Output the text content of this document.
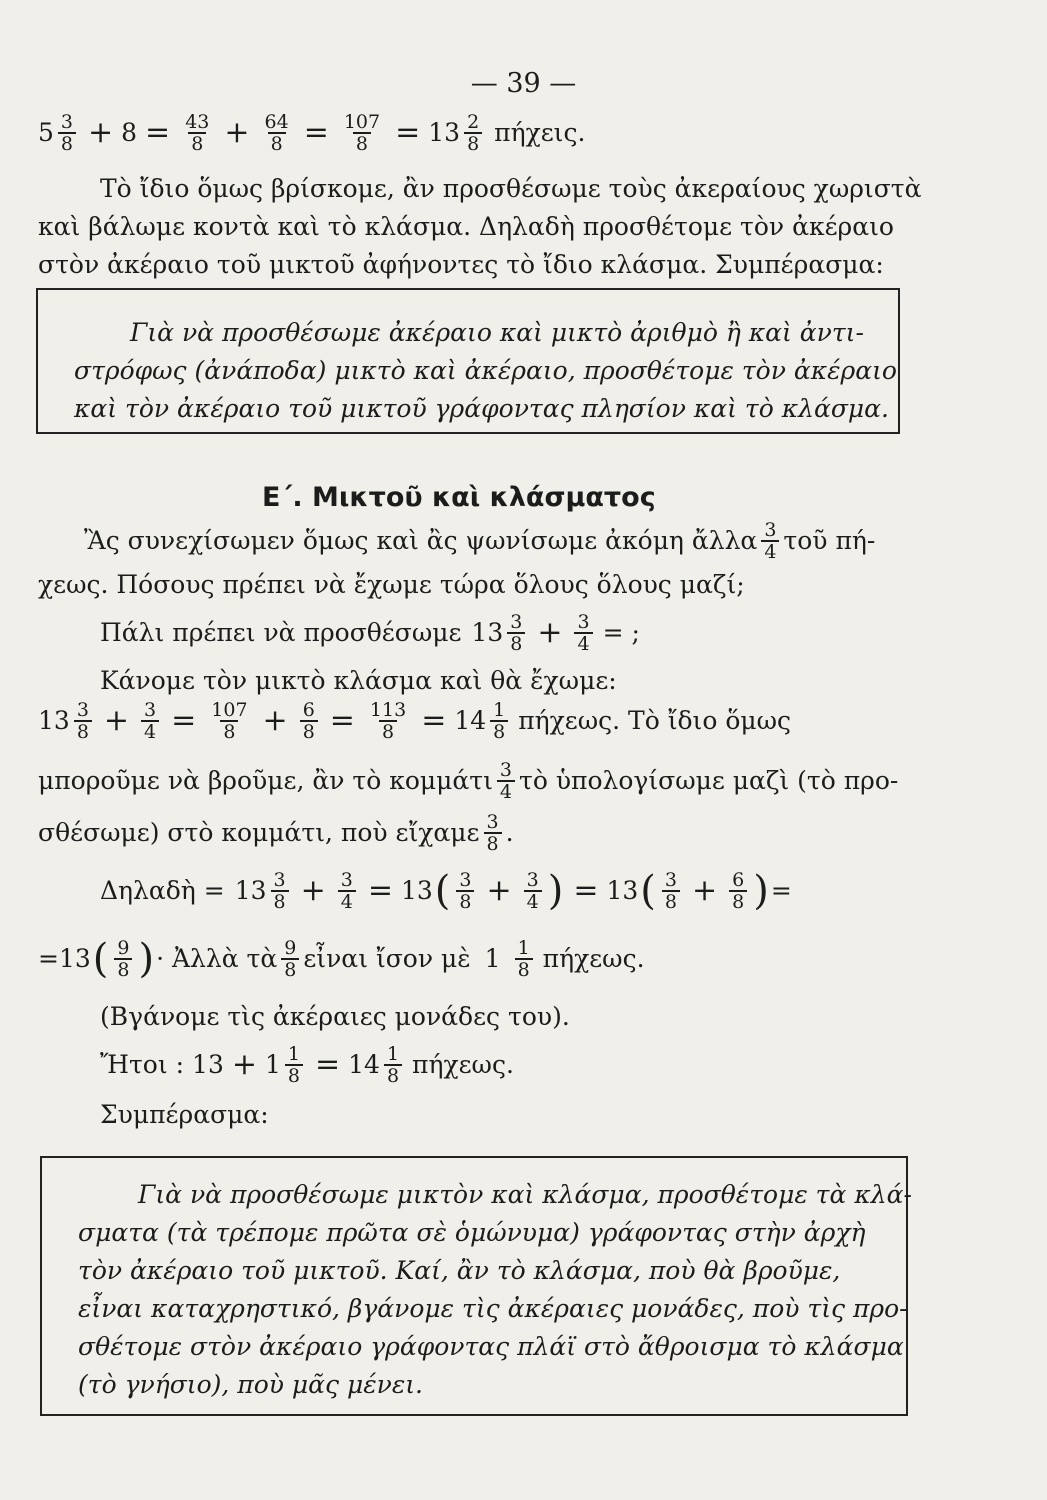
— 39 —
5 3
$8 + 8 = \frac{43}{8} + \frac{64}{8} = \frac{107}{8} = 13$ 2
8 πήχεις.
Τὸ ἴδιο ὅμως βρίσκομε, ἂν προσθέσωμε τοὺς ἀκεραίους χωριστὰ
καὶ βάλωμε κοντὰ καὶ τὸ κλάσμα. Δηλαδὴ προσθέτομε τὸν ἀκέραιο
στὸν ἀκέραιο τοῦ μικτοῦ ἀφήνοντες τὸ ἴδιο κλάσμα. Συμπέρασμα:
Γιὰ νὰ προσθέσωμε ἀκέραιο καὶ μικτὸ ἀριθμὸ ἢ καὶ ἀντι-
στρόφως (ἀνάποδα) μικτὸ καὶ ἀκέραιο, προσθέτομε τὸν ἀκέραιο
καὶ τὸν ἀκέραιο τοῦ μικτοῦ γράφοντας πλησίον καὶ τὸ κλάσμα.
Ε΄. Μικτοῦ καὶ κλάσματος
Ἂς συνεχίσωμεν ὅμως καὶ ἂς ψωνίσωμε ἀκόμη ἄλλα 3
4 τοῦ πή-
χεως. Πόσους πρέπει νὰ ἔχωμε τώρα ὅλους ὅλους μαζί;
Πάλι πρέπει νὰ προσθέσωμε 13 3
$8 + \frac{3}{4}$ = ;
Κάνομε τὸν μικτὸ κλάσμα καὶ θὰ ἔχωμε:
13 3
$8 + \frac{3}{4} = \frac{107}{8} + \frac{6}{8} = \frac{113}{8} = 14$ 1
8 πήχεως. Τὸ ἴδιο ὅμως
μποροῦμε νὰ βροῦμε, ἂν τὸ κομμάτι 3
4 τὸ ὑπολογίσωμε μαζὶ (τὸ προ-
σθέσωμε) στὸ κομμάτι, ποὺ εἴχαμε 3
8 .
Δηλαδὴ = 13 3
$8 + \frac{3}{4} = 13$ ( 3
$8 + \frac{3}{4}$ ) = 13 ( 3
$8 + \frac{6}{8}$ ) =
=13 ( 9
8 ) · Ἀλλὰ τὰ 9
8 εἶναι ἴσον μὲ 1 1
8 πήχεως.
(Βγάνομε τὶς ἀκέραιες μονάδες του).
Ἤτοι : $13 + 1 \frac{1}{8} = 14$ 1
8 πήχεως.
Συμπέρασμα:
Γιὰ νὰ προσθέσωμε μικτὸν καὶ κλάσμα, προσθέτομε τὰ κλά-
σματα (τὰ τρέπομε πρῶτα σὲ ὁμώνυμα) γράφοντας στὴν ἀρχὴ
τὸν ἀκέραιο τοῦ μικτοῦ. Καί, ἂν τὸ κλάσμα, ποὺ θὰ βροῦμε,
εἶναι καταχρηστικό, βγάνομε τὶς ἀκέραιες μονάδες, ποὺ τὶς προ-
σθέτομε στὸν ἀκέραιο γράφοντας πλάϊ στὸ ἄθροισμα τὸ κλάσμα
(τὸ γνήσιο), ποὺ μᾶς μένει.
